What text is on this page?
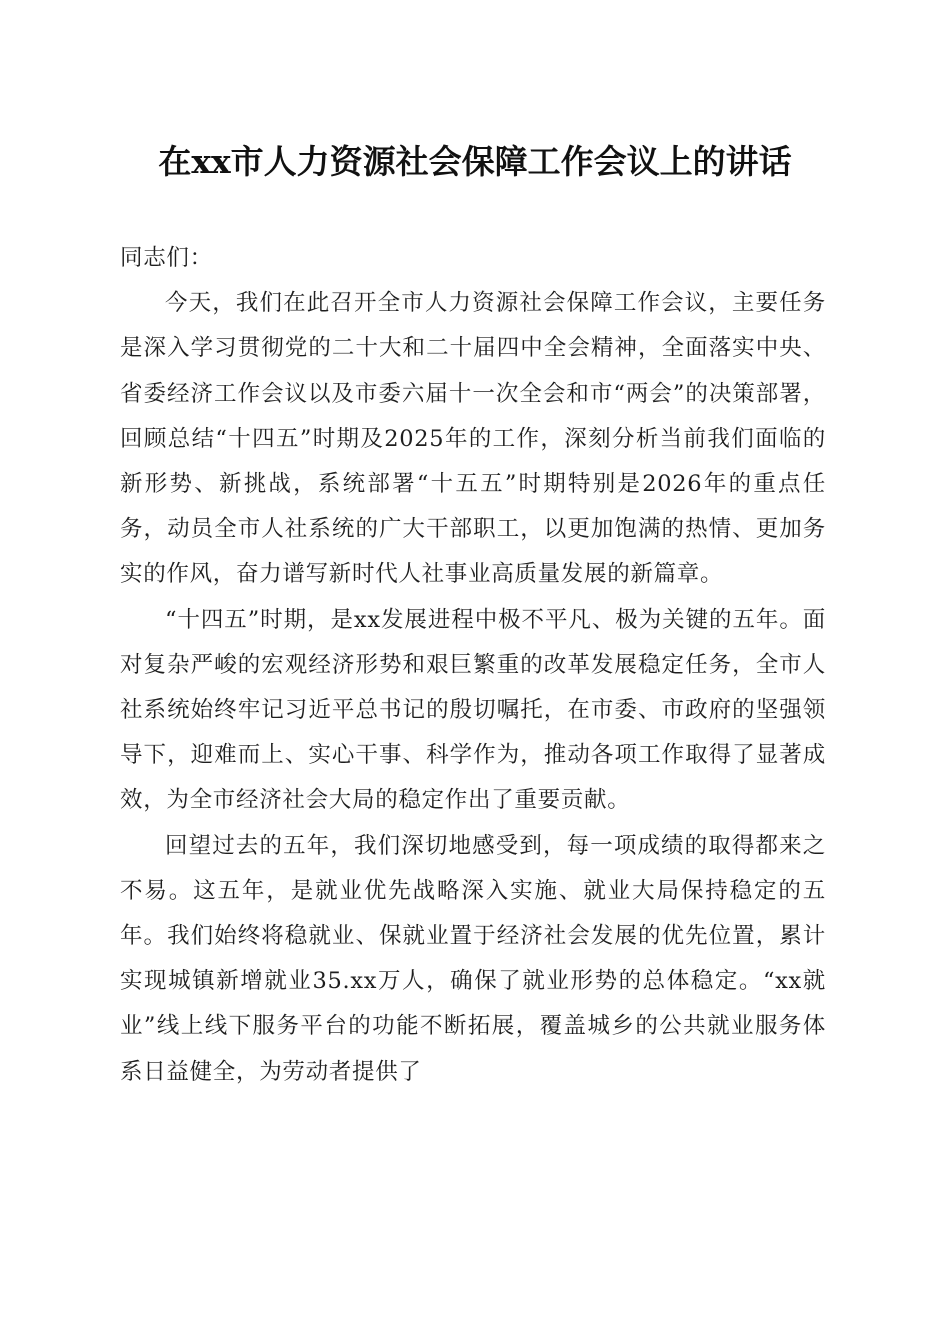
在xx市人力资源社会保障工作会议上的讲话

同志们：

今天，我们在此召开全市人力资源社会保障工作会议，主要任务是深入学习贯彻党的二十大和二十届四中全会精神，全面落实中央、省委经济工作会议以及市委六届十一次全会和市“两会”的决策部署，回顾总结“十四五”时期及2025年的工作，深刻分析当前我们面临的新形势、新挑战，系统部署“十五五”时期特别是2026年的重点任务，动员全市人社系统的广大干部职工，以更加饱满的热情、更加务实的作风，奋力谱写新时代人社事业高质量发展的新篇章。

“十四五”时期，是xx发展进程中极不平凡、极为关键的五年。面对复杂严峻的宏观经济形势和艰巨繁重的改革发展稳定任务，全市人社系统始终牢记习近平总书记的殷切嘱托，在市委、市政府的坚强领导下，迎难而上、实心干事、科学作为，推动各项工作取得了显著成效，为全市经济社会大局的稳定作出了重要贡献。

回望过去的五年，我们深切地感受到，每一项成绩的取得都来之不易。这五年，是就业优先战略深入实施、就业大局保持稳定的五年。我们始终将稳就业、保就业置于经济社会发展的优先位置，累计实现城镇新增就业35.xx万人，确保了就业形势的总体稳定。“xx就业”线上线下服务平台的功能不断拓展，覆盖城乡的公共就业服务体系日益健全，为劳动者提供了
